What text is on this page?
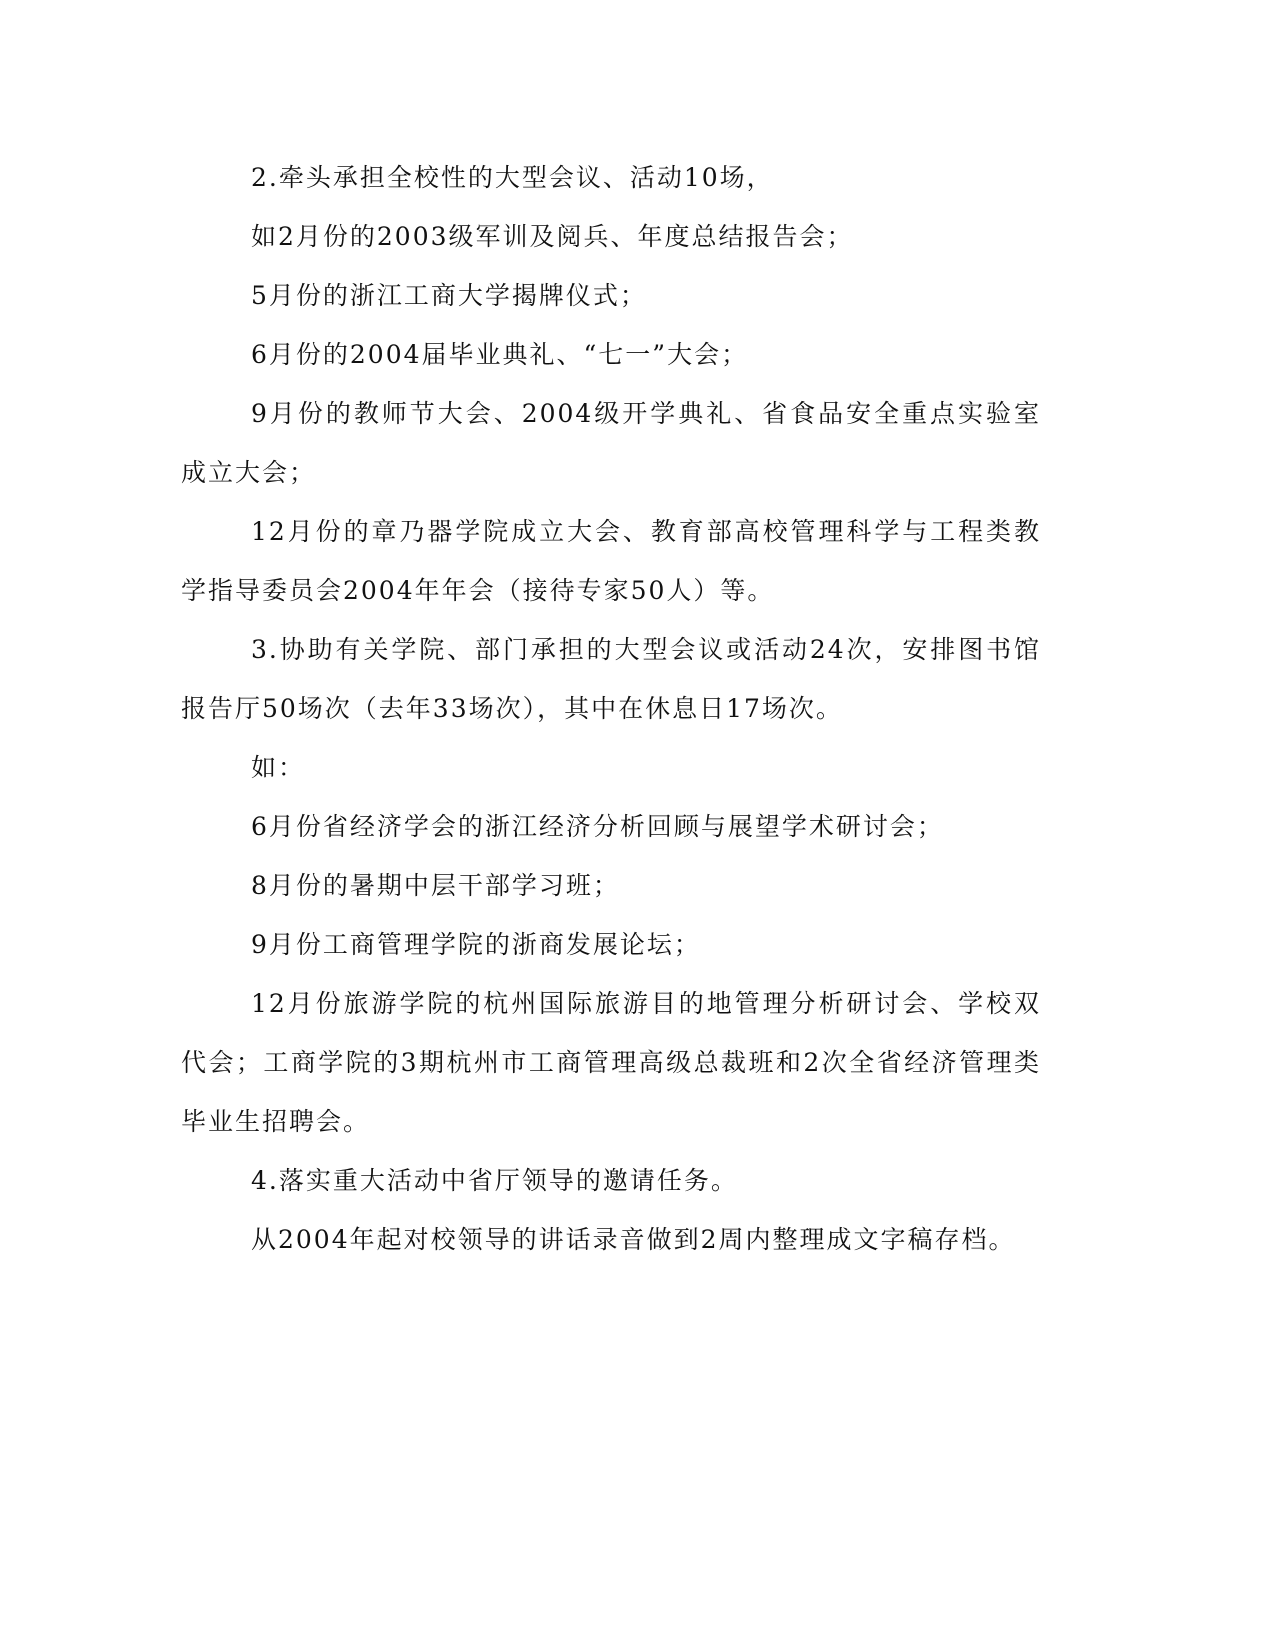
2.牵头承担全校性的大型会议、活动10场，

如2月份的2003级军训及阅兵、年度总结报告会；

5月份的浙江工商大学揭牌仪式；

6月份的2004届毕业典礼、“七一”大会；

9月份的教师节大会、2004级开学典礼、省食品安全重点实验室成立大会；

12月份的章乃器学院成立大会、教育部高校管理科学与工程类教学指导委员会2004年年会（接待专家50人）等。

3.协助有关学院、部门承担的大型会议或活动24次，安排图书馆报告厅50场次（去年33场次），其中在休息日17场次。

如：

6月份省经济学会的浙江经济分析回顾与展望学术研讨会；

8月份的暑期中层干部学习班；

9月份工商管理学院的浙商发展论坛；

12月份旅游学院的杭州国际旅游目的地管理分析研讨会、学校双代会；工商学院的3期杭州市工商管理高级总裁班和2次全省经济管理类毕业生招聘会。

4.落实重大活动中省厅领导的邀请任务。

从2004年起对校领导的讲话录音做到2周内整理成文字稿存档。
